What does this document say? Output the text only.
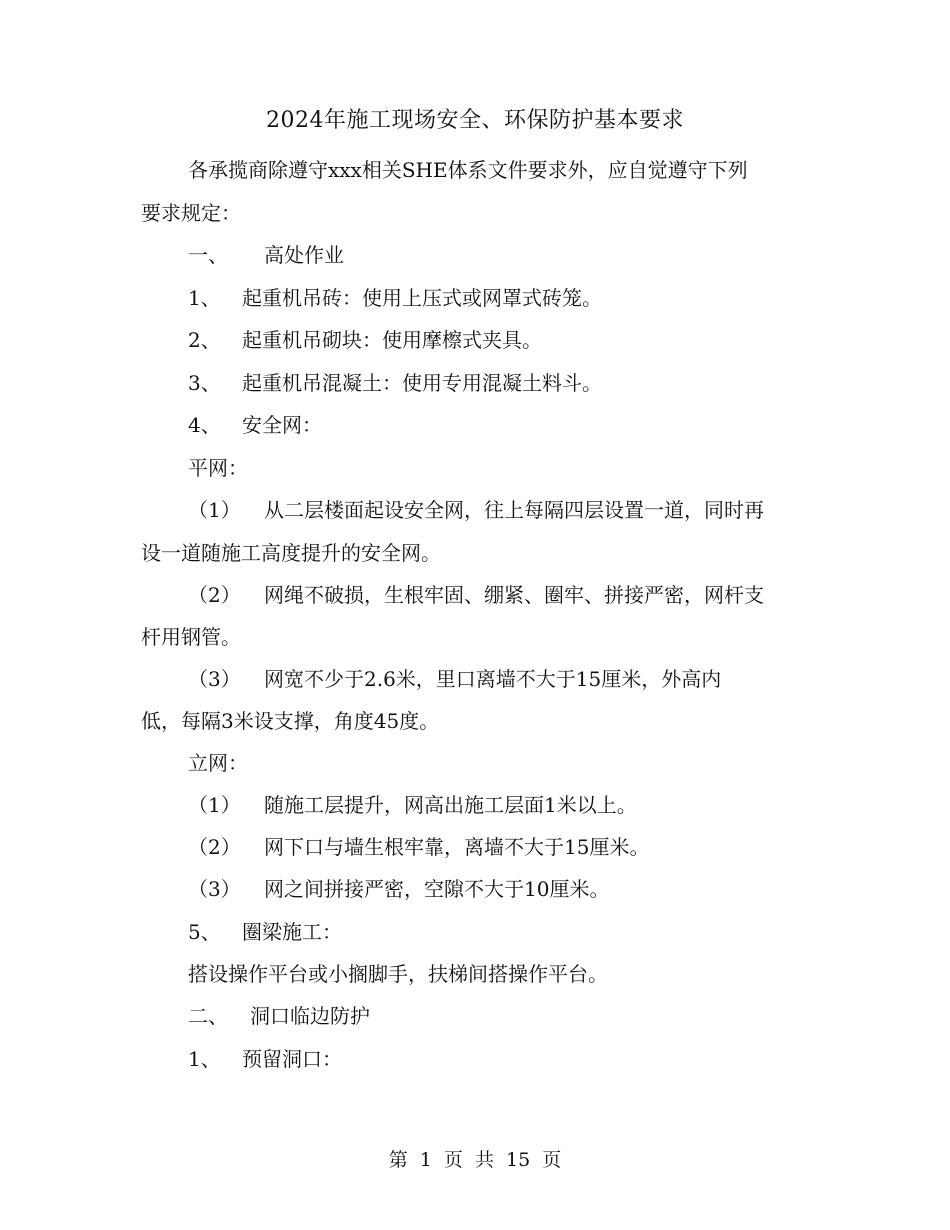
2024年施工现场安全、环保防护基本要求
各承揽商除遵守xxx相关SHE体系文件要求外，应自觉遵守下列
要求规定：
一、 高处作业
1、 起重机吊砖：使用上压式或网罩式砖笼。
2、 起重机吊砌块：使用摩檫式夹具。
3、 起重机吊混凝土：使用专用混凝土料斗。
4、 安全网：
平网：
（1） 从二层楼面起设安全网，往上每隔四层设置一道，同时再
设一道随施工高度提升的安全网。
（2） 网绳不破损，生根牢固、绷紧、圈牢、拼接严密，网杆支
杆用钢管。
（3） 网宽不少于2.6米，里口离墙不大于15厘米，外高内
低，每隔3米设支撑，角度45度。
立网：
（1） 随施工层提升，网高出施工层面1米以上。
（2） 网下口与墙生根牢靠，离墙不大于15厘米。
（3） 网之间拼接严密，空隙不大于10厘米。
5、 圈梁施工：
搭设操作平台或小搁脚手，扶梯间搭操作平台。
二、 洞口临边防护
1、 预留洞口：
第 1 页 共 15 页
